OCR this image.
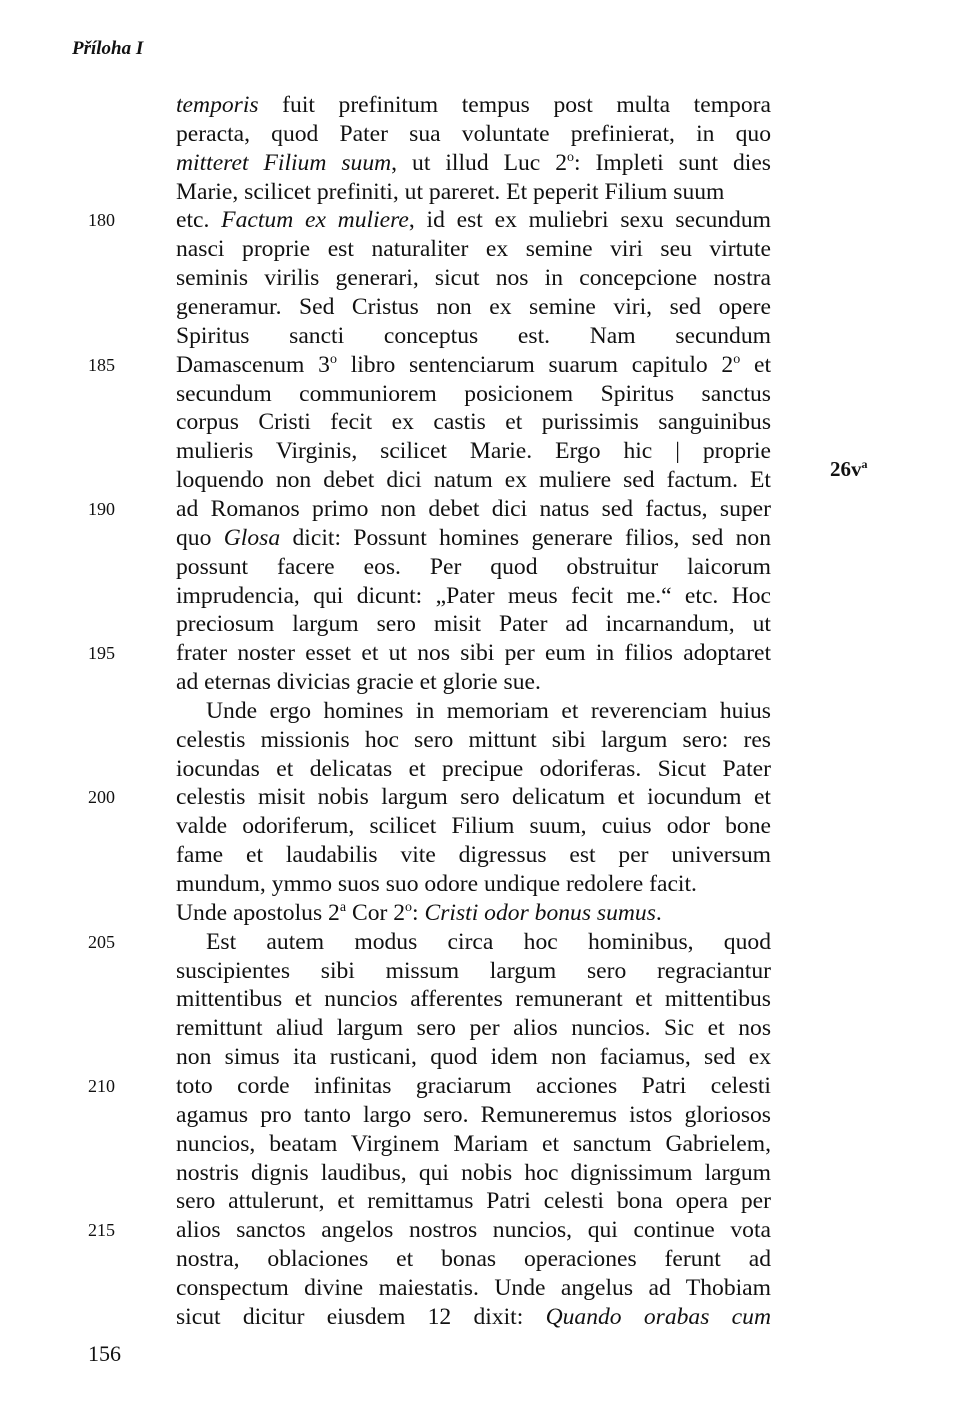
Příloha I
temporis fuit prefinitum tempus post multa tempora
peracta, quod Pater sua voluntate prefinierat, in quo
mitteret Filium suum, ut illud Luc 2$^o$: Impleti sunt dies
Marie, scilicet prefiniti, ut pareret. Et peperit Filium suum
etc. Factum ex muliere, id est ex muliebri sexu secundum
nasci proprie est naturaliter ex semine viri seu virtute
seminis virilis generari, sicut nos in concepcione nostra
generamur. Sed Cristus non ex semine viri, sed opere
Spiritus sancti conceptus est. Nam secundum
Damascenum 3$^o$ libro sentenciarum suarum capitulo 2$^o$ et
secundum communiorem posicionem Spiritus sanctus
corpus Cristi fecit ex castis et purissimis sanguinibus
mulieris Virginis, scilicet Marie. Ergo hic | proprie
loquendo non debet dici natum ex muliere sed factum. Et
ad Romanos primo non debet dici natus sed factus, super
quo Glosa dicit: Possunt homines generare filios, sed non
possunt facere eos. Per quod obstruitur laicorum
imprudencia, qui dicunt: „Pater meus fecit me.“ etc. Hoc
preciosum largum sero misit Pater ad incarnandum, ut
frater noster esset et ut nos sibi per eum in filios adoptaret
ad eternas divicias gracie et glorie sue.
Unde ergo homines in memoriam et reverenciam huius
celestis missionis hoc sero mittunt sibi largum sero: res
iocundas et delicatas et precipue odoriferas. Sicut Pater
celestis misit nobis largum sero delicatum et iocundum et
valde odoriferum, scilicet Filium suum, cuius odor bone
fame et laudabilis vite digressus est per universum
mundum, ymmo suos suo odore undique redolere facit.
Unde apostolus 2$^a$ Cor 2$^o$: Cristi odor bonus sumus.
Est autem modus circa hoc hominibus, quod
suscipientes sibi missum largum sero regraciantur
mittentibus et nuncios afferentes remunerant et mittentibus
remittunt aliud largum sero per alios nuncios. Sic et nos
non simus ita rusticani, quod idem non faciamus, sed ex
toto corde infinitas graciarum acciones Patri celesti
agamus pro tanto largo sero. Remuneremus istos gloriosos
nuncios, beatam Virginem Mariam et sanctum Gabrielem,
nostris dignis laudibus, qui nobis hoc dignissimum largum
sero attulerunt, et remittamus Patri celesti bona opera per
alios sanctos angelos nostros nuncios, qui continue vota
nostra, oblaciones et bonas operaciones ferunt ad
conspectum divine maiestatis. Unde angelus ad Thobiam
sicut dicitur eiusdem 12 dixit: Quando orabas cum
180
185
190
195
200
205
210
215
$26v^a$
156
